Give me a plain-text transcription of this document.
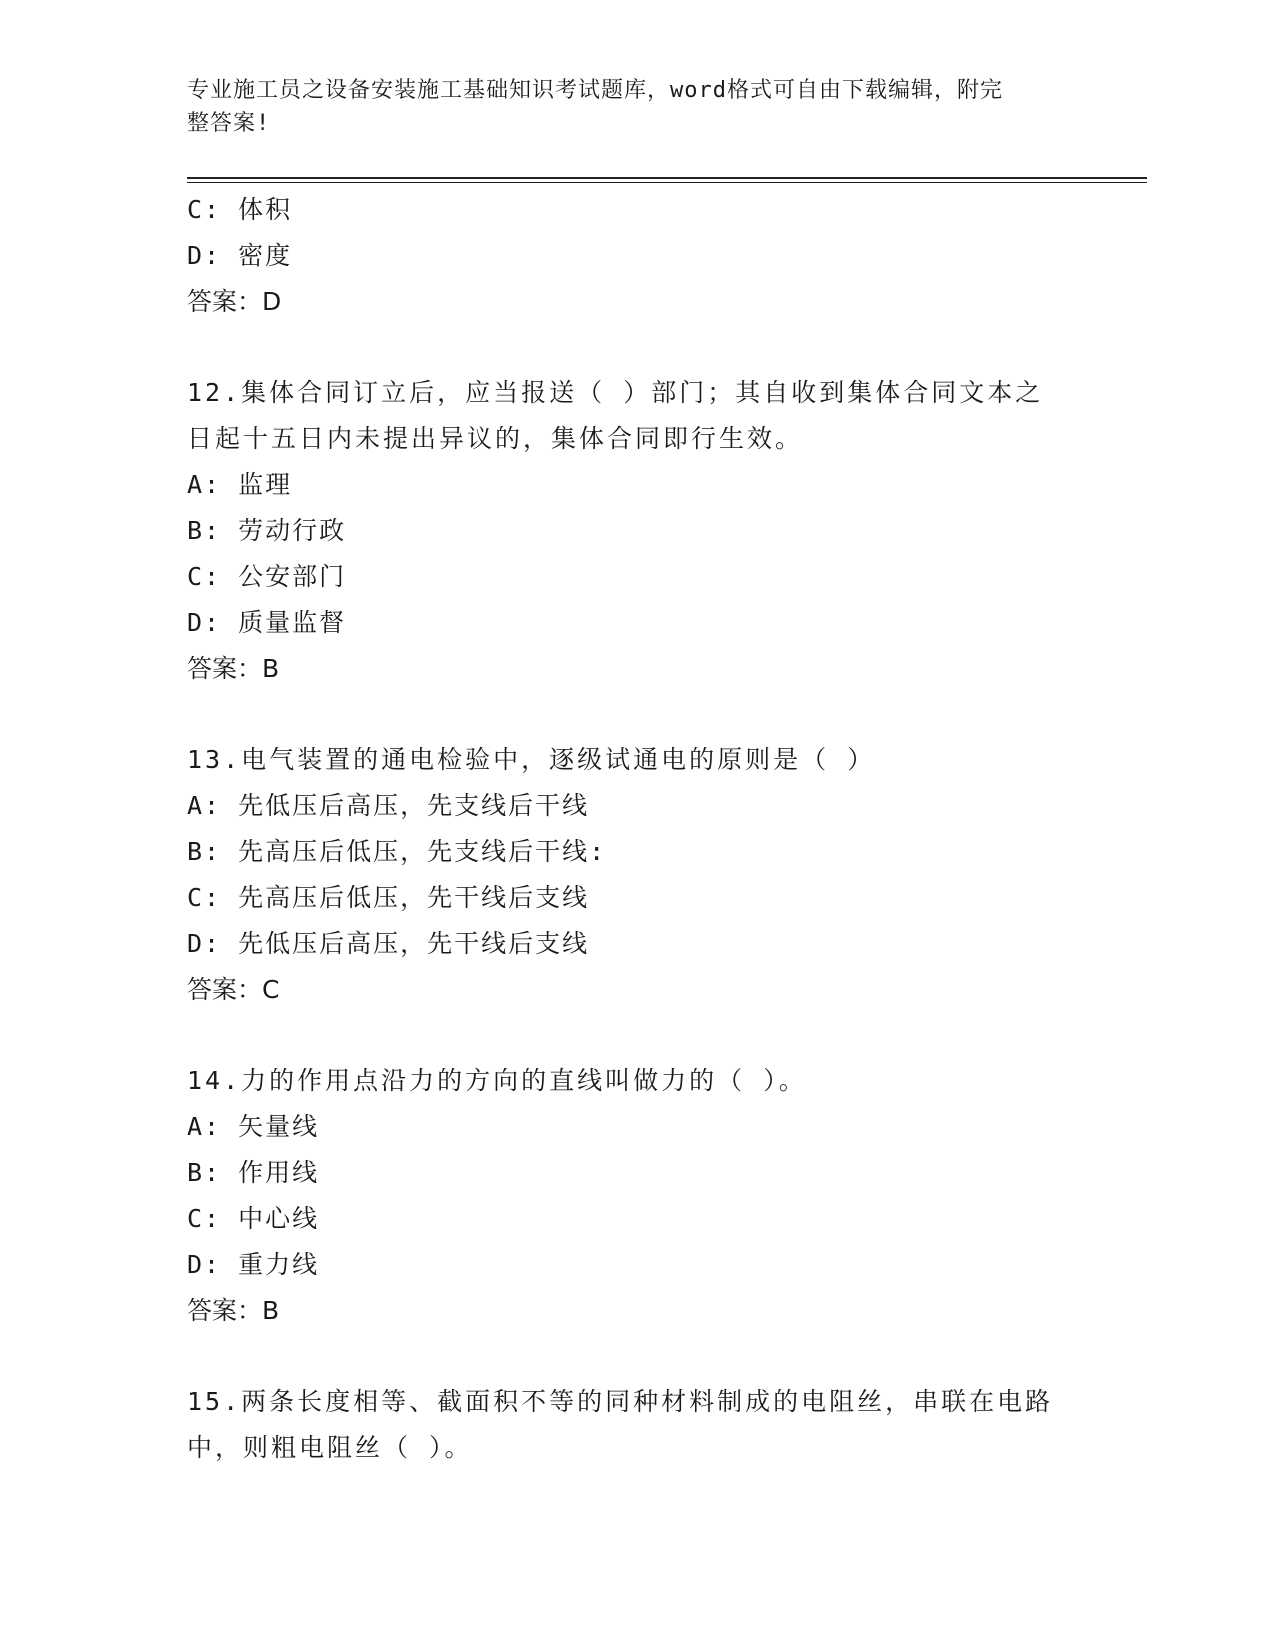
专业施工员之设备安装施工基础知识考试题库，word格式可自由下载编辑，附完
整答案!
C: 体积
D: 密度
答案：D
12.集体合同订立后，应当报送（ ）部门；其自收到集体合同文本之
日起十五日内未提出异议的，集体合同即行生效。
A: 监理
B: 劳动行政
C: 公安部门
D: 质量监督
答案：B
13.电气装置的通电检验中，逐级试通电的原则是（ ）
A: 先低压后高压，先支线后干线
B: 先高压后低压，先支线后干线:
C: 先高压后低压，先干线后支线
D: 先低压后高压，先干线后支线
答案：C
14.力的作用点沿力的方向的直线叫做力的（ ）。
A: 矢量线
B: 作用线
C: 中心线
D: 重力线
答案：B
15.两条长度相等、截面积不等的同种材料制成的电阻丝，串联在电路
中，则粗电阻丝（ ）。
